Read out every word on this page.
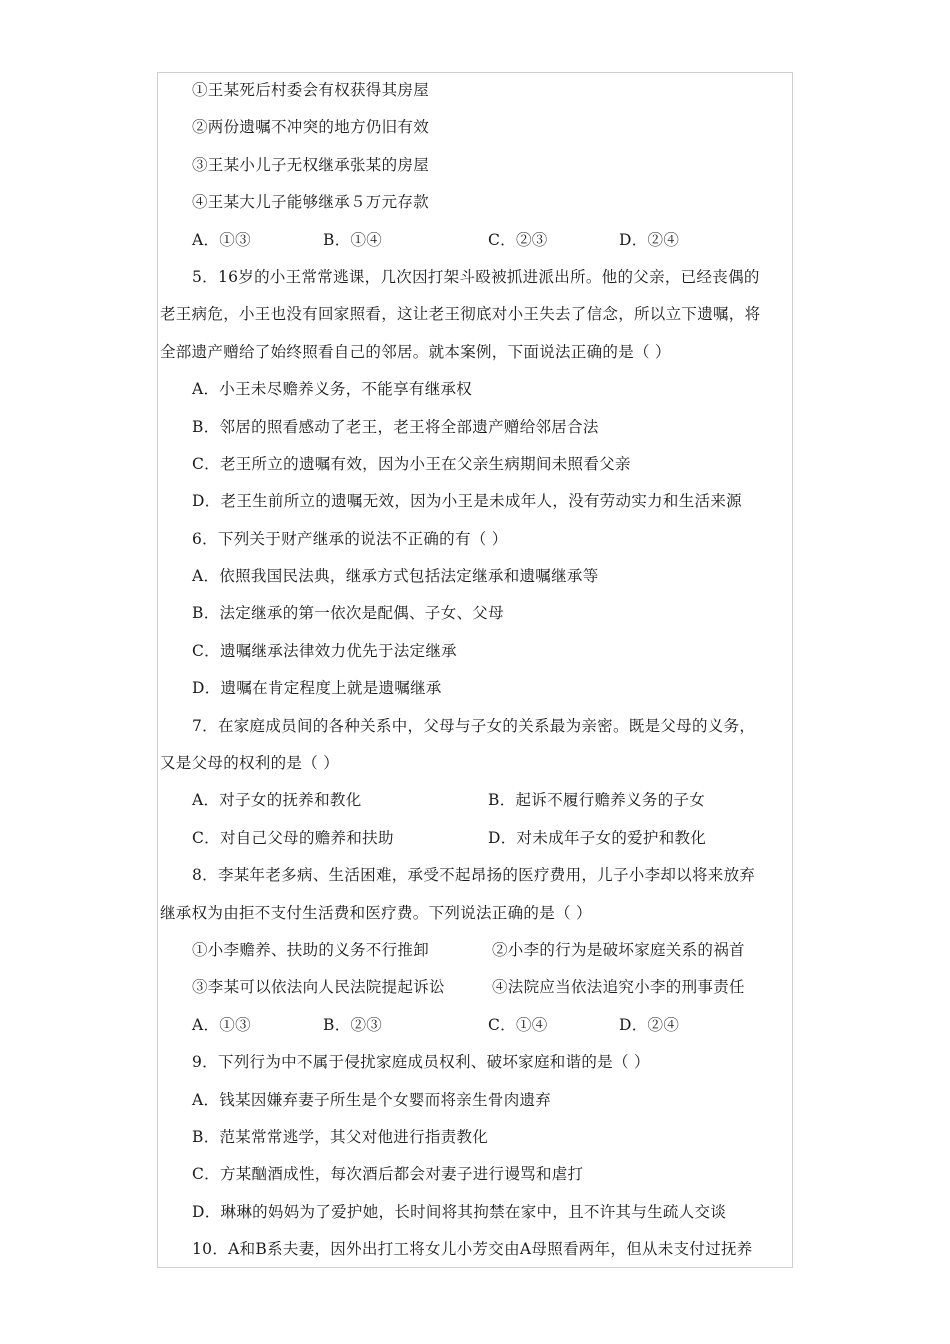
①王某死后村委会有权获得其房屋
②两份遗嘱不冲突的地方仍旧有效
③王某小儿子无权继承张某的房屋
④王某大儿子能够继承５万元存款
A．①③	B．①④	C．②③	D．②④
5．16岁的小王常常逃课，几次因打架斗殴被抓进派出所。他的父亲，已经丧偶的
老王病危，小王也没有回家照看，这让老王彻底对小王失去了信念，所以立下遗嘱，将
全部遗产赠给了始终照看自己的邻居。就本案例，下面说法正确的是（ ）
A．小王未尽赡养义务，不能享有继承权
B．邻居的照看感动了老王，老王将全部遗产赠给邻居合法
C．老王所立的遗嘱有效，因为小王在父亲生病期间未照看父亲
D．老王生前所立的遗嘱无效，因为小王是未成年人，没有劳动实力和生活来源
6．下列关于财产继承的说法不正确的有（ ）
A．依照我国民法典，继承方式包括法定继承和遗嘱继承等
B．法定继承的第一依次是配偶、子女、父母
C．遗嘱继承法律效力优先于法定继承
D．遗嘱在肯定程度上就是遗嘱继承
7．在家庭成员间的各种关系中，父母与子女的关系最为亲密。既是父母的义务，
又是父母的权利的是（ ）
A．对子女的抚养和教化	B．起诉不履行赡养义务的子女
C．对自己父母的赡养和扶助	D．对未成年子女的爱护和教化
8．李某年老多病、生活困难，承受不起昂扬的医疗费用，儿子小李却以将来放弃
继承权为由拒不支付生活费和医疗费。下列说法正确的是（ ）
①小李赡养、扶助的义务不行推卸	②小李的行为是破坏家庭关系的祸首
③李某可以依法向人民法院提起诉讼	④法院应当依法追究小李的刑事责任
A．①③	B．②③	C．①④	D．②④
9．下列行为中不属于侵扰家庭成员权利、破坏家庭和谐的是（ ）
A．钱某因嫌弃妻子所生是个女婴而将亲生骨肉遗弃
B．范某常常逃学，其父对他进行指责教化
C．方某酗酒成性，每次酒后都会对妻子进行谩骂和虐打
D．琳琳的妈妈为了爱护她，长时间将其拘禁在家中，且不许其与生疏人交谈
10．A和B系夫妻，因外出打工将女儿小芳交由A母照看两年，但从未支付过抚养
